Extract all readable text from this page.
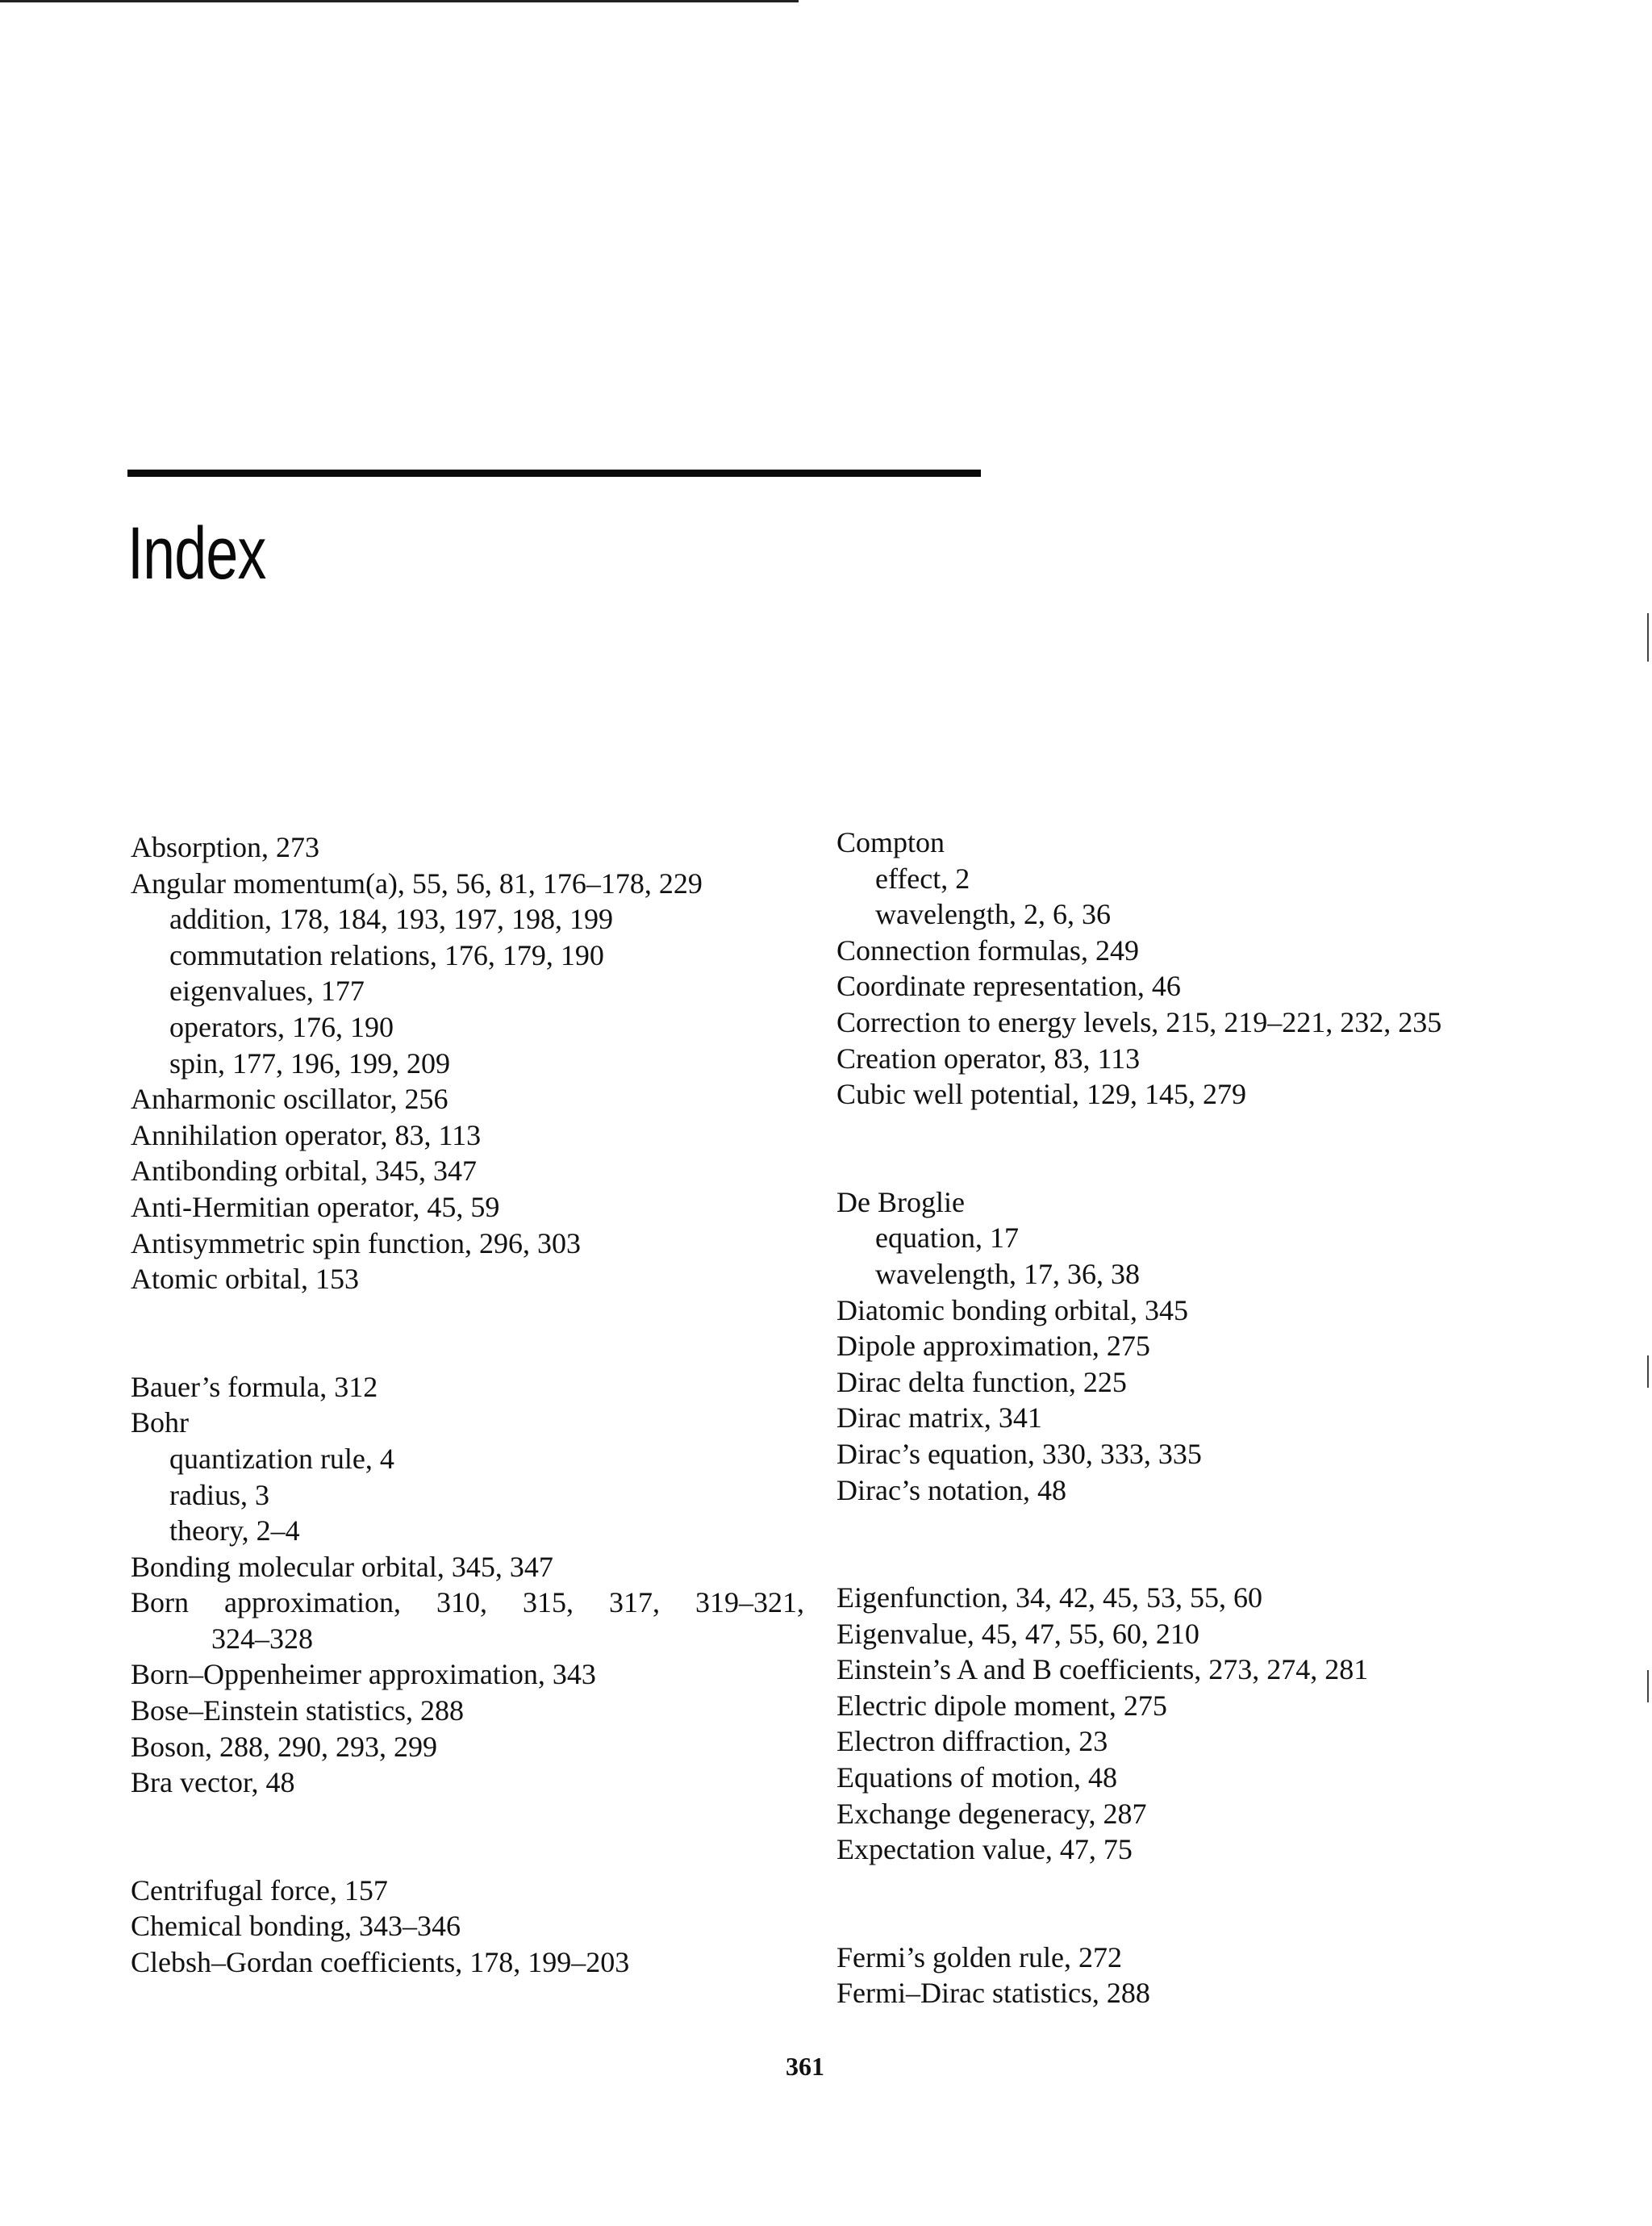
Index
Absorption, 273
Angular momentum(a), 55, 56, 81, 176–178, 229
addition, 178, 184, 193, 197, 198, 199
commutation relations, 176, 179, 190
eigenvalues, 177
operators, 176, 190
spin, 177, 196, 199, 209
Anharmonic oscillator, 256
Annihilation operator, 83, 113
Antibonding orbital, 345, 347
Anti-Hermitian operator, 45, 59
Antisymmetric spin function, 296, 303
Atomic orbital, 153
Bauer’s formula, 312
Bohr
quantization rule, 4
radius, 3
theory, 2–4
Bonding molecular orbital, 345, 347
Born approximation, 310, 315, 317, 319–321,
324–328
Born–Oppenheimer approximation, 343
Bose–Einstein statistics, 288
Boson, 288, 290, 293, 299
Bra vector, 48
Centrifugal force, 157
Chemical bonding, 343–346
Clebsh–Gordan coefficients, 178, 199–203
Compton
effect, 2
wavelength, 2, 6, 36
Connection formulas, 249
Coordinate representation, 46
Correction to energy levels, 215, 219–221, 232, 235
Creation operator, 83, 113
Cubic well potential, 129, 145, 279
De Broglie
equation, 17
wavelength, 17, 36, 38
Diatomic bonding orbital, 345
Dipole approximation, 275
Dirac delta function, 225
Dirac matrix, 341
Dirac’s equation, 330, 333, 335
Dirac’s notation, 48
Eigenfunction, 34, 42, 45, 53, 55, 60
Eigenvalue, 45, 47, 55, 60, 210
Einstein’s A and B coefficients, 273, 274, 281
Electric dipole moment, 275
Electron diffraction, 23
Equations of motion, 48
Exchange degeneracy, 287
Expectation value, 47, 75
Fermi’s golden rule, 272
Fermi–Dirac statistics, 288
361
